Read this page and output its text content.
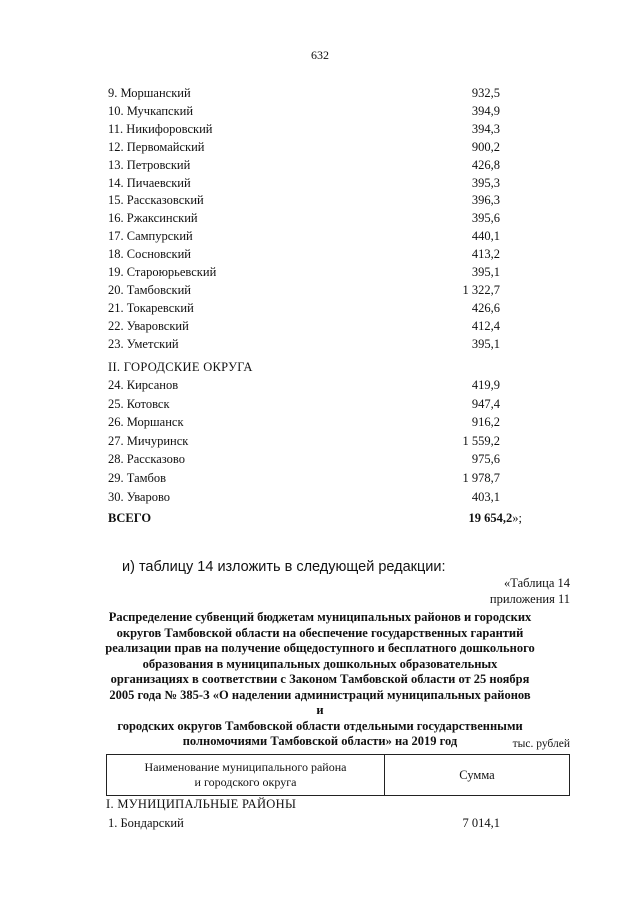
632
9. Моршанский	932,5
10. Мучкапский	394,9
11. Никифоровский	394,3
12. Первомайский	900,2
13. Петровский	426,8
14. Пичаевский	395,3
15. Рассказовский	396,3
16. Ржаксинский	395,6
17. Сампурский	440,1
18. Сосновский	413,2
19. Староюрьевский	395,1
20. Тамбовский	1 322,7
21. Токаревский	426,6
22. Уваровский	412,4
23. Уметский	395,1
II. ГОРОДСКИЕ ОКРУГА
24. Кирсанов	419,9
25. Котовск	947,4
26. Моршанск	916,2
27. Мичуринск	1 559,2
28. Рассказово	975,6
29. Тамбов	1 978,7
30. Уварово	403,1
ВСЕГО	19 654,2»;
и) таблицу 14 изложить в следующей редакции:
«Таблица 14
приложения 11
Распределение субвенций бюджетам муниципальных районов и городских
округов Тамбовской области на обеспечение государственных гарантий
реализации прав на получение общедоступного и бесплатного дошкольного
образования в муниципальных дошкольных образовательных
организациях в соответствии с Законом Тамбовской области от 25 ноября
2005 года № 385-З «О наделении администраций муниципальных районов и
городских округов Тамбовской области отдельными государственными
полномочиями Тамбовской области» на 2019 год	тыс. рублей
Наименование муниципального района
и городского округа	Сумма
I. МУНИЦИПАЛЬНЫЕ РАЙОНЫ
1. Бондарский	7 014,1
